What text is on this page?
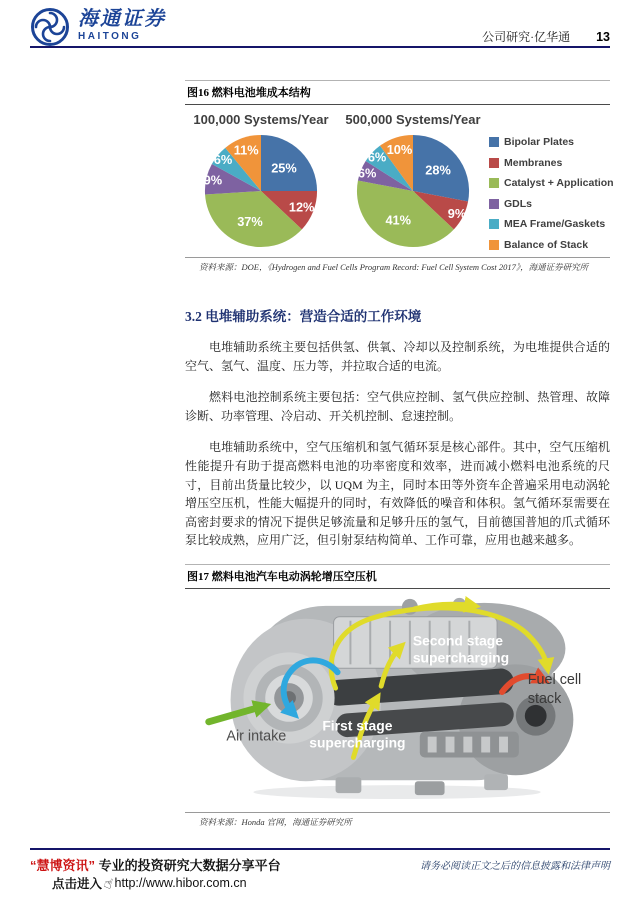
海通证券
HAITONG	公司研究·亿华通 13
图16 燃料电池堆成本结构
100,000 Systems/Year
25%
12%
37%
9%
6%
11%
500,000 Systems/Year
28%
9%
41%
6%
6%
10%	Bipolar Plates
Membranes
Catalyst + Application
GDLs
MEA Frame/Gaskets
Balance of Stack
资料来源：DOE，《Hydrogen and Fuel Cells Program Record: Fuel Cell System Cost 2017》，海通证券研究所
3.2 电堆辅助系统：营造合适的工作环境

电堆辅助系统主要包括供氢、供氧、冷却以及控制系统，为电堆提供合适的空气、氢气、温度、压力等，并拉取合适的电流。

燃料电池控制系统主要包括：空气供应控制、氢气供应控制、热管理、故障诊断、功率管理、冷启动、开关机控制、怠速控制。

电堆辅助系统中，空气压缩机和氢气循环泵是核心部件。其中，空气压缩机性能提升有助于提高燃料电池的功率密度和效率，进而减小燃料电池系统的尺寸，目前出货量比较少，以 UQM 为主，同时本田等外资车企普遍采用电动涡轮增压空压机，性能大幅提升的同时，有效降低的噪音和体积。氢气循环泵需要在高密封要求的情况下提供足够流量和足够升压的氢气，目前德国普旭的爪式循环泵比较成熟，应用广泛，但引射泵结构简单、工作可靠，应用也越来越多。

图17 燃料电池汽车电动涡轮增压空压机
Second stage
supercharging
First stage
supercharging
Air intake
Fuel cell
stack
资料来源：Honda 官网，海通证券研究所
“慧博资讯” 专业的投资研究大数据分享平台
点击进入 ☝ http://www.hibor.com.cn
请务必阅读正文之后的信息披露和法律声明
